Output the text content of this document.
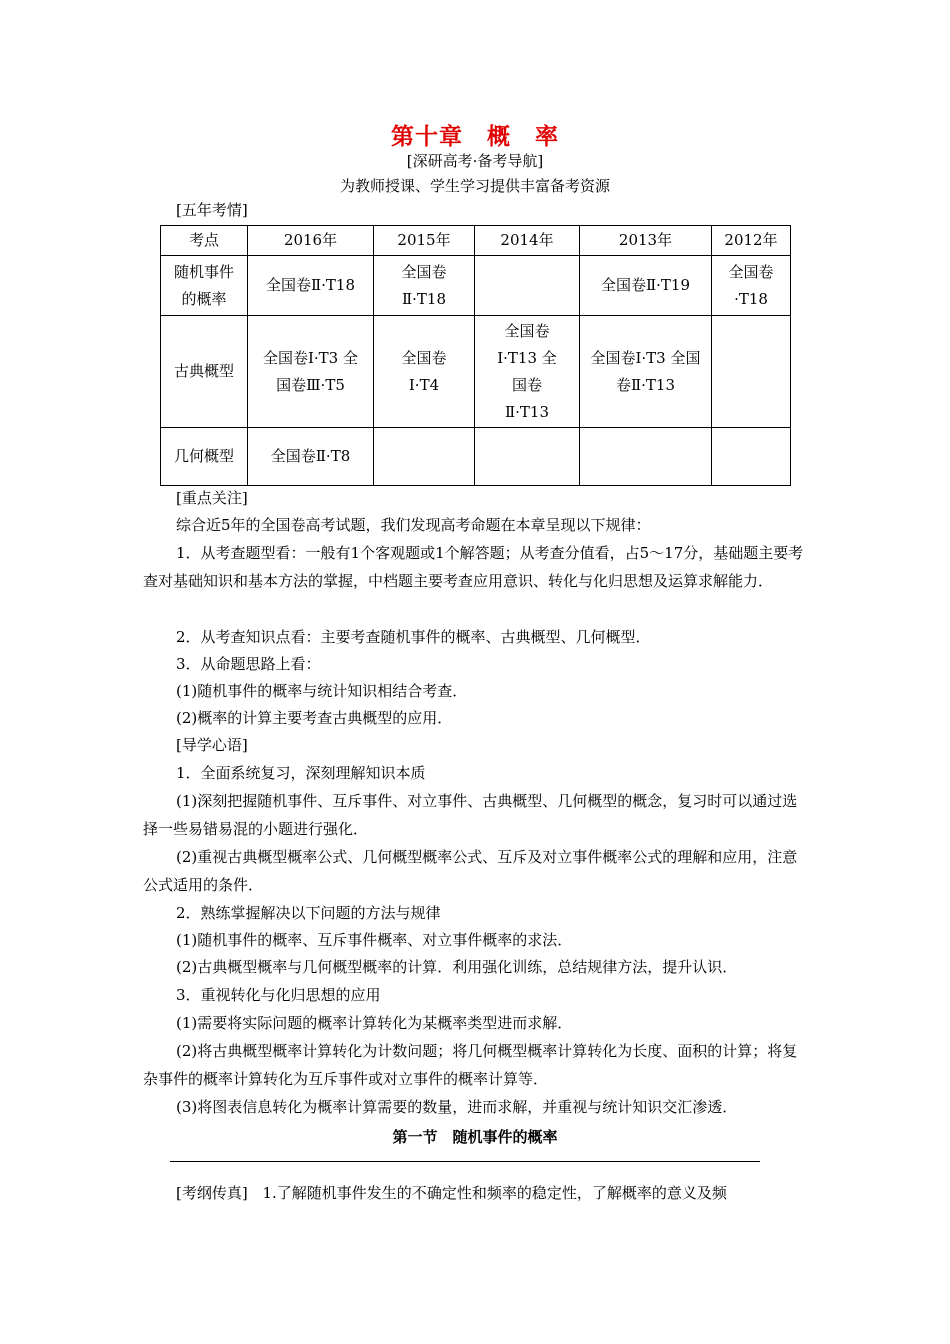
第十章　概　率
[深研高考·备考导航]
为教师授课、学生学习提供丰富备考资源
[五年考情]
考点	2016年	2015年	2014年	2013年	2012年
随机事件的概率	全国卷Ⅱ·T18	全国卷Ⅱ·T18		全国卷Ⅱ·T19	全国卷·T18
古典概型	全国卷Ⅰ·T3 全国卷Ⅲ·T5	全国卷Ⅰ·T4	全国卷Ⅰ·T13 全国卷Ⅱ·T13	全国卷Ⅰ·T3 全国卷Ⅱ·T13	
几何概型	全国卷Ⅱ·T8				
[重点关注]
综合近5年的全国卷高考试题，我们发现高考命题在本章呈现以下规律：
1．从考查题型看：一般有1个客观题或1个解答题；从考查分值看，占5～17分，基础题主要考查对基础知识和基本方法的掌握，中档题主要考查应用意识、转化与化归思想及运算求解能力．
2．从考查知识点看：主要考查随机事件的概率、古典概型、几何概型．
3．从命题思路上看：
(1)随机事件的概率与统计知识相结合考查．
(2)概率的计算主要考查古典概型的应用．
[导学心语]
1．全面系统复习，深刻理解知识本质
(1)深刻把握随机事件、互斥事件、对立事件、古典概型、几何概型的概念，复习时可以通过选择一些易错易混的小题进行强化．
(2)重视古典概型概率公式、几何概型概率公式、互斥及对立事件概率公式的理解和应用，注意公式适用的条件．
2．熟练掌握解决以下问题的方法与规律
(1)随机事件的概率、互斥事件概率、对立事件概率的求法．
(2)古典概型概率与几何概型概率的计算．利用强化训练，总结规律方法，提升认识．
3．重视转化与化归思想的应用
(1)需要将实际问题的概率计算转化为某概率类型进而求解．
(2)将古典概型概率计算转化为计数问题；将几何概型概率计算转化为长度、面积的计算；将复杂事件的概率计算转化为互斥事件或对立事件的概率计算等．
(3)将图表信息转化为概率计算需要的数量，进而求解，并重视与统计知识交汇渗透．
第一节　随机事件的概率
[考纲传真] 1.了解随机事件发生的不确定性和频率的稳定性，了解概率的意义及频
